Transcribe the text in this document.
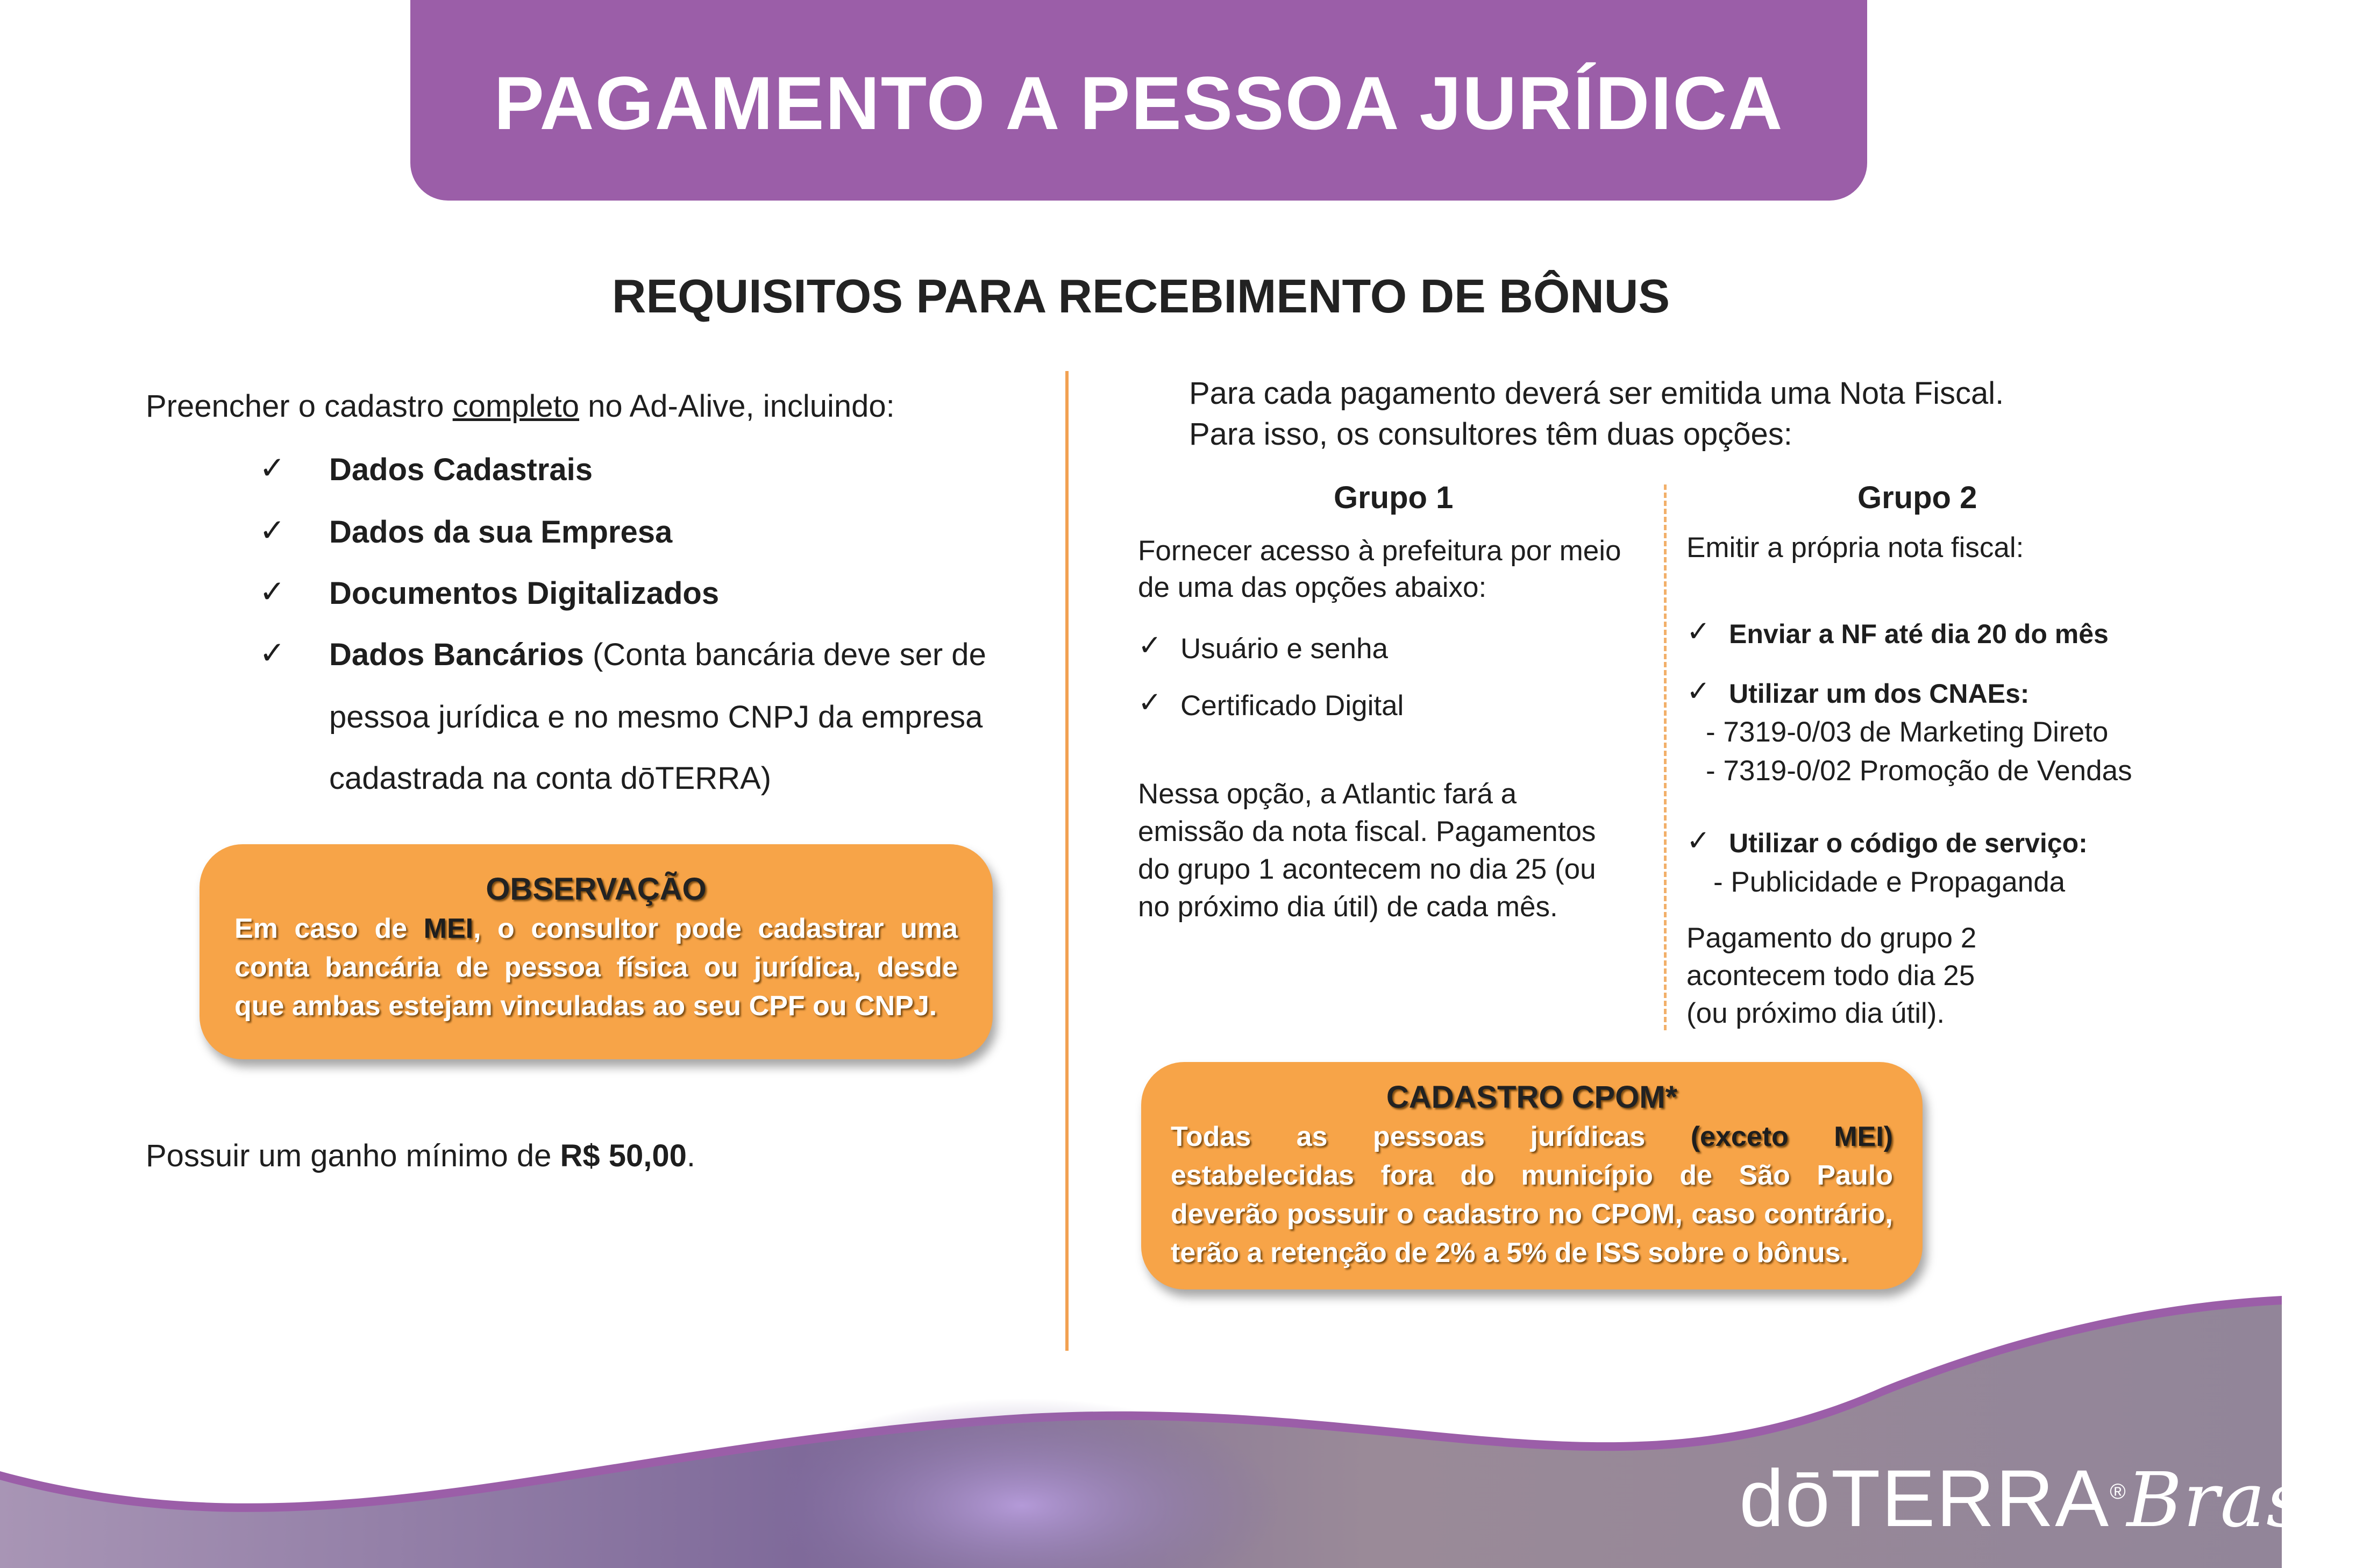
PAGAMENTO A PESSOA JURÍDICA
REQUISITOS PARA RECEBIMENTO DE BÔNUS
Preencher o cadastro completo no Ad-Alive, incluindo:
✓ Dados Cadastrais
✓ Dados da sua Empresa
✓ Documentos Digitalizados
✓ Dados Bancários (Conta bancária deve ser de
pessoa jurídica e no mesmo CNPJ da empresa
cadastrada na conta dōTERRA)
OBSERVAÇÃO

Em caso de MEI, o consultor pode cadastrar uma conta bancária de pessoa física ou jurídica, desde que ambas estejam vinculadas ao seu CPF ou CNPJ.

Possuir um ganho mínimo de R$ 50,00.
Para cada pagamento deverá ser emitida uma Nota Fiscal.
Para isso, os consultores têm duas opções:
Grupo 1	Grupo 2
Fornecer acesso à prefeitura por meio
de uma das opções abaixo:
✓ Usuário e senha
✓ Certificado Digital
Nessa opção, a Atlantic fará a
emissão da nota fiscal. Pagamentos
do grupo 1 acontecem no dia 25 (ou
no próximo dia útil) de cada mês.
Emitir a própria nota fiscal:
✓ Enviar a NF até dia 20 do mês
✓ Utilizar um dos CNAEs:
- 7319-0/03 de Marketing Direto
- 7319-0/02 Promoção de Vendas
✓ Utilizar o código de serviço:
- Publicidade e Propaganda
Pagamento do grupo 2
acontecem todo dia 25
(ou próximo dia útil).
CADASTRO CPOM*

Todas as pessoas jurídicas (exceto MEI) estabelecidas fora do município de São Paulo deverão possuir o cadastro no CPOM, caso contrário, terão a retenção de 2% a 5% de ISS sobre o bônus.

dōTERRA®Brasil
